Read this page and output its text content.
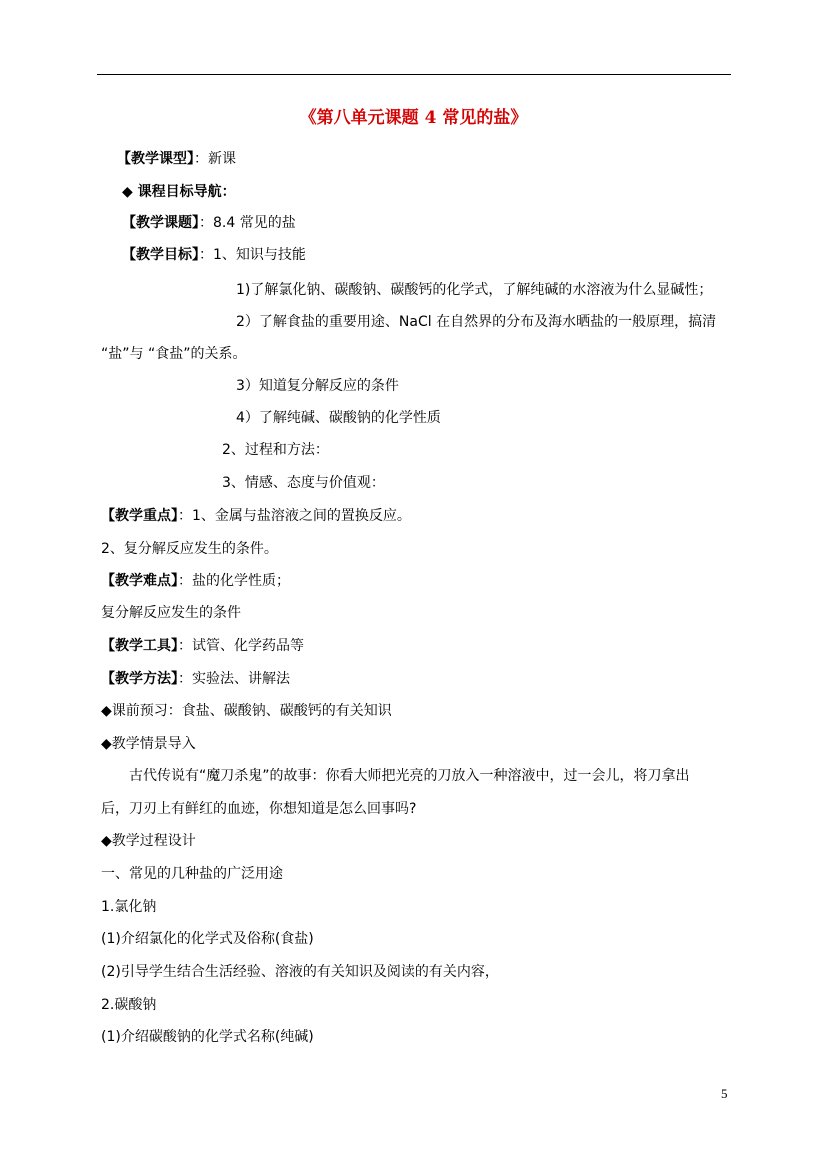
《第八单元课题 4 常见的盐》
【教学课型】：新课
◆ 课程目标导航：
【教学课题】：8.4 常见的盐
【教学目标】：1、知识与技能
1)了解氯化钠、碳酸钠、碳酸钙的化学式，了解纯碱的水溶液为什么显碱性；
2）了解食盐的重要用途、NaCl 在自然界的分布及海水晒盐的一般原理，搞清
“盐”与 “食盐”的关系。
3）知道复分解反应的条件
4）了解纯碱、碳酸钠的化学性质
2、过程和方法：
3、情感、态度与价值观：
【教学重点】：1、金属与盐溶液之间的置换反应。
2、复分解反应发生的条件。
【教学难点】：盐的化学性质；
复分解反应发生的条件
【教学工具】：试管、化学药品等
【教学方法】：实验法、讲解法
◆课前预习：食盐、碳酸钠、碳酸钙的有关知识
◆教学情景导入
古代传说有“魔刀杀鬼”的故事：你看大师把光亮的刀放入一种溶液中，过一会儿，将刀拿出
后，刀刃上有鲜红的血迹，你想知道是怎么回事吗?
◆教学过程设计
一、常见的几种盐的广泛用途
1.氯化钠
(1)介绍氯化的化学式及俗称(食盐)
(2)引导学生结合生活经验、溶液的有关知识及阅读的有关内容，
2.碳酸钠
(1)介绍碳酸钠的化学式名称(纯碱)
5
